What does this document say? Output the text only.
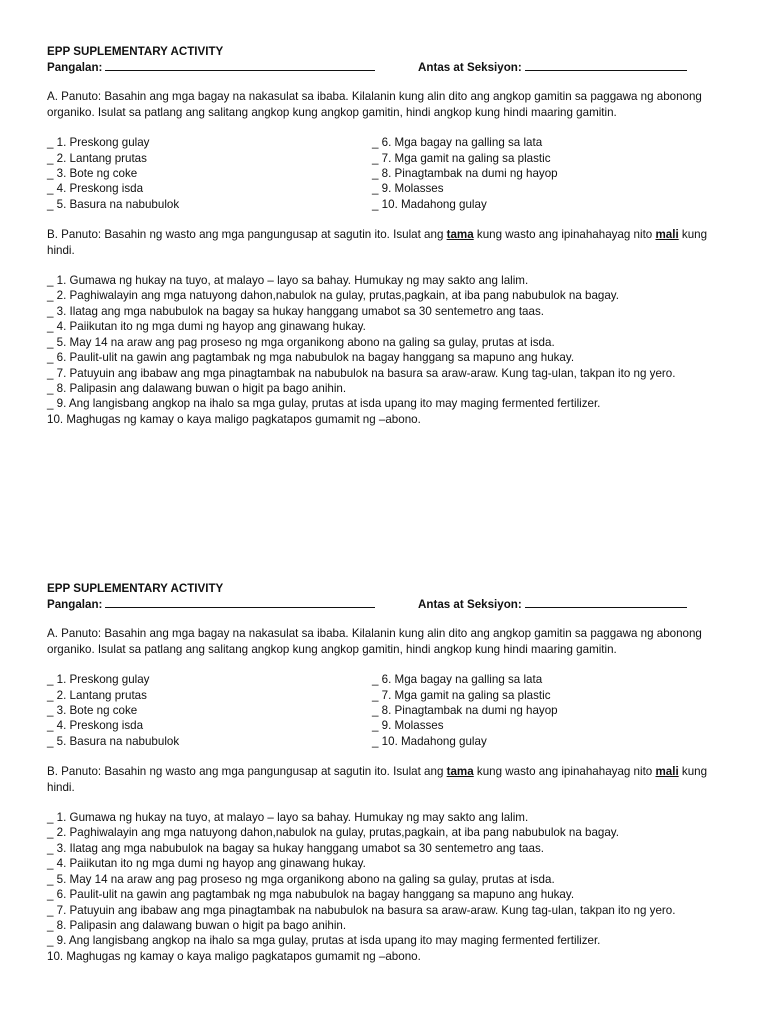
EPP SUPLEMENTARY ACTIVITY
Pangalan:	Antas at Seksiyon:
A. Panuto: Basahin ang mga bagay na nakasulat sa ibaba. Kilalanin kung alin dito ang angkop gamitin sa paggawa ng abonong organiko. Isulat sa patlang ang salitang angkop kung angkop gamitin, hindi angkop kung hindi maaring gamitin.
_ 1. Preskong gulay
_ 2. Lantang prutas
_ 3. Bote ng coke
_ 4. Preskong isda
_ 5. Basura na nabubulok
_ 6. Mga bagay na galling sa lata
_ 7. Mga gamit na galing sa plastic
_ 8. Pinagtambak na dumi ng hayop
_ 9. Molasses
_ 10. Madahong gulay
B. Panuto: Basahin ng wasto ang mga pangungusap at sagutin ito. Isulat ang tama kung wasto ang ipinahahayag nito mali kung hindi.
_ 1. Gumawa ng hukay na tuyo, at malayo – layo sa bahay. Humukay ng may sakto ang lalim.
_ 2. Paghiwalayin ang mga natuyong dahon,nabulok na gulay, prutas,pagkain, at iba pang nabubulok na bagay.
_ 3. Ilatag ang mga nabubulok na bagay sa hukay hanggang umabot sa 30 sentemetro ang taas.
_ 4. Paiikutan ito ng mga dumi ng hayop ang ginawang hukay.
_ 5. May 14 na araw ang pag proseso ng mga organikong abono na galing sa gulay, prutas at isda.
_ 6. Paulit-ulit na gawin ang pagtambak ng mga nabubulok na bagay hanggang sa mapuno ang hukay.
_ 7. Patuyuin ang ibabaw ang mga pinagtambak na nabubulok na basura sa araw-araw. Kung tag-ulan, takpan ito ng yero.
_ 8. Palipasin ang dalawang buwan o higit pa bago anihin.
_ 9. Ang langisbang angkop na ihalo sa mga gulay, prutas at isda upang ito may maging fermented fertilizer.
10. Maghugas ng kamay o kaya maligo pagkatapos gumamit ng –abono.
EPP SUPLEMENTARY ACTIVITY
Pangalan:	Antas at Seksiyon:
A. Panuto: Basahin ang mga bagay na nakasulat sa ibaba. Kilalanin kung alin dito ang angkop gamitin sa paggawa ng abonong organiko. Isulat sa patlang ang salitang angkop kung angkop gamitin, hindi angkop kung hindi maaring gamitin.
_ 1. Preskong gulay
_ 2. Lantang prutas
_ 3. Bote ng coke
_ 4. Preskong isda
_ 5. Basura na nabubulok
_ 6. Mga bagay na galling sa lata
_ 7. Mga gamit na galing sa plastic
_ 8. Pinagtambak na dumi ng hayop
_ 9. Molasses
_ 10. Madahong gulay
B. Panuto: Basahin ng wasto ang mga pangungusap at sagutin ito. Isulat ang tama kung wasto ang ipinahahayag nito mali kung hindi.
_ 1. Gumawa ng hukay na tuyo, at malayo – layo sa bahay. Humukay ng may sakto ang lalim.
_ 2. Paghiwalayin ang mga natuyong dahon,nabulok na gulay, prutas,pagkain, at iba pang nabubulok na bagay.
_ 3. Ilatag ang mga nabubulok na bagay sa hukay hanggang umabot sa 30 sentemetro ang taas.
_ 4. Paiikutan ito ng mga dumi ng hayop ang ginawang hukay.
_ 5. May 14 na araw ang pag proseso ng mga organikong abono na galing sa gulay, prutas at isda.
_ 6. Paulit-ulit na gawin ang pagtambak ng mga nabubulok na bagay hanggang sa mapuno ang hukay.
_ 7. Patuyuin ang ibabaw ang mga pinagtambak na nabubulok na basura sa araw-araw. Kung tag-ulan, takpan ito ng yero.
_ 8. Palipasin ang dalawang buwan o higit pa bago anihin.
_ 9. Ang langisbang angkop na ihalo sa mga gulay, prutas at isda upang ito may maging fermented fertilizer.
10. Maghugas ng kamay o kaya maligo pagkatapos gumamit ng –abono.
